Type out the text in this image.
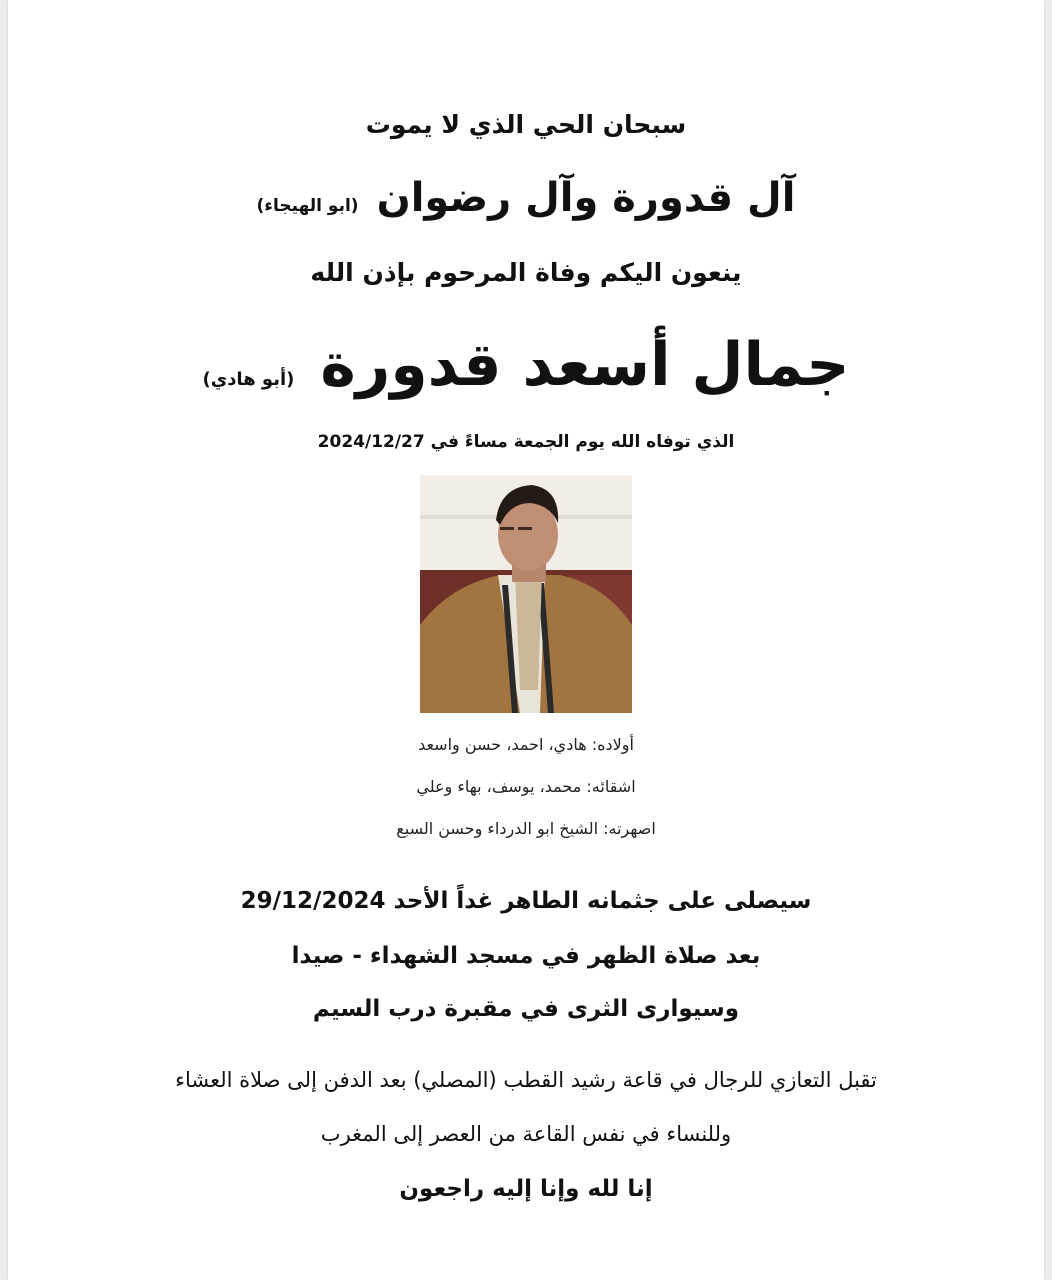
سبحان الحي الذي لا يموت
آل قدورة وآل رضوان(ابو الهيجاء)
ينعون اليكم وفاة المرحوم بإذن الله
جمال أسعد قدورة(أبو هادي)
الذي توفاه الله يوم الجمعة مساءً في 2024/12/27
أولاده: هادي، احمد، حسن واسعد
اشقائه: محمد، يوسف، بهاء وعلي
اصهرته: الشيخ ابو الدرداء وحسن السبع
سيصلى على جثمانه الطاهر غداً الأحد 29/12/2024
بعد صلاة الظهر في مسجد الشهداء - صيدا
وسيوارى الثرى في مقبرة درب السيم
تقبل التعازي للرجال في قاعة رشيد القطب (المصلي) بعد الدفن إلى صلاة العشاء
وللنساء في نفس القاعة من العصر إلى المغرب
إنا لله وإنا إليه راجعون
